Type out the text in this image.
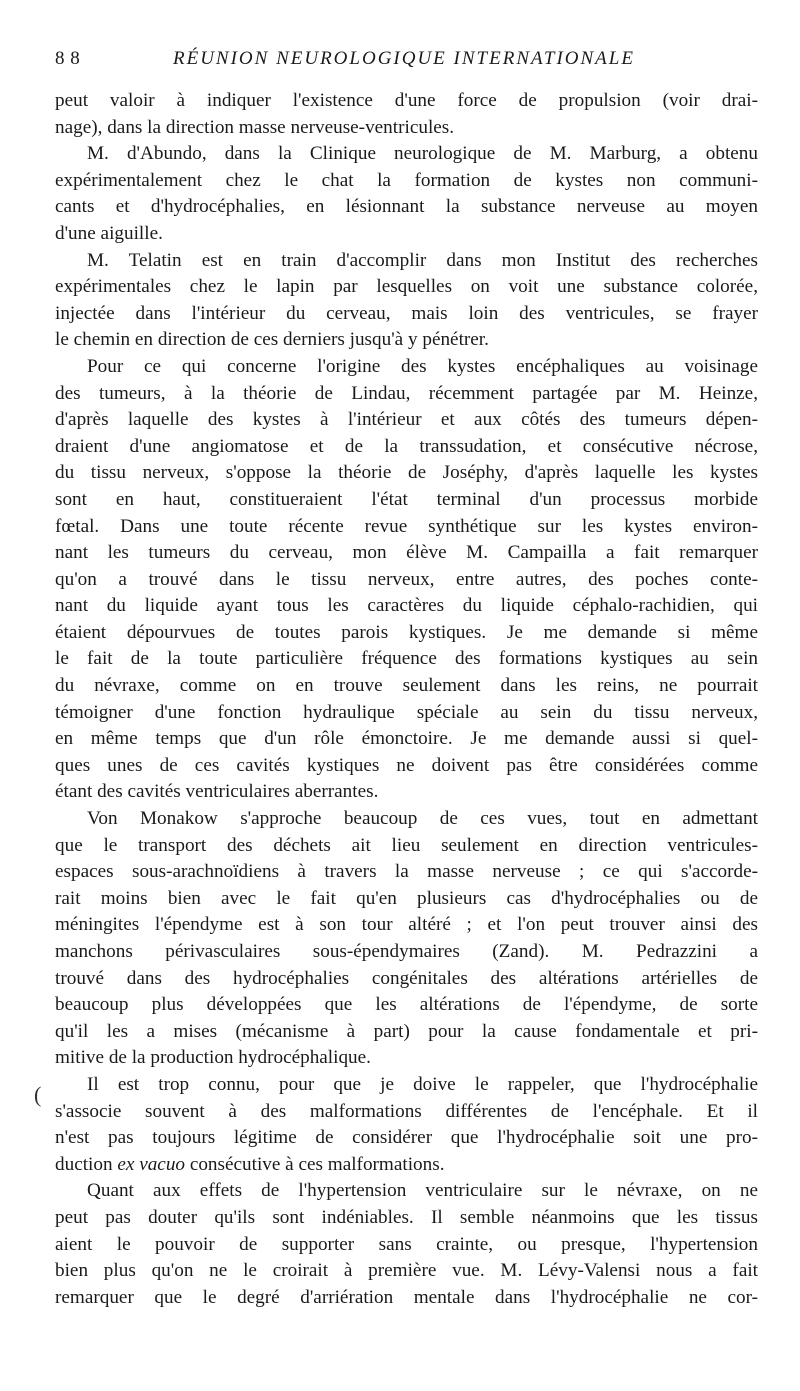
8 8	RÉUNION NEUROLOGIQUE INTERNATIONALE
(
peut valoir à indiquer l'existence d'une force de propulsion (voir drai-
nage), dans la direction masse nerveuse-ventricules.
M. d'Abundo, dans la Clinique neurologique de M. Marburg, a obtenu
expérimentalement chez le chat la formation de kystes non communi-
cants et d'hydrocéphalies, en lésionnant la substance nerveuse au moyen
d'une aiguille.
M. Telatin est en train d'accomplir dans mon Institut des recherches
expérimentales chez le lapin par lesquelles on voit une substance colorée,
injectée dans l'intérieur du cerveau, mais loin des ventricules, se frayer
le chemin en direction de ces derniers jusqu'à y pénétrer.
Pour ce qui concerne l'origine des kystes encéphaliques au voisinage
des tumeurs, à la théorie de Lindau, récemment partagée par M. Heinze,
d'après laquelle des kystes à l'intérieur et aux côtés des tumeurs dépen-
draient d'une angiomatose et de la transsudation, et consécutive nécrose,
du tissu nerveux, s'oppose la théorie de Joséphy, d'après laquelle les kystes
sont en haut, constitueraient l'état terminal d'un processus morbide
fœtal. Dans une toute récente revue synthétique sur les kystes environ-
nant les tumeurs du cerveau, mon élève M. Campailla a fait remarquer
qu'on a trouvé dans le tissu nerveux, entre autres, des poches conte-
nant du liquide ayant tous les caractères du liquide céphalo-rachidien, qui
étaient dépourvues de toutes parois kystiques. Je me demande si même
le fait de la toute particulière fréquence des formations kystiques au sein
du névraxe, comme on en trouve seulement dans les reins, ne pourrait
témoigner d'une fonction hydraulique spéciale au sein du tissu nerveux,
en même temps que d'un rôle émonctoire. Je me demande aussi si quel-
ques unes de ces cavités kystiques ne doivent pas être considérées comme
étant des cavités ventriculaires aberrantes.
Von Monakow s'approche beaucoup de ces vues, tout en admettant
que le transport des déchets ait lieu seulement en direction ventricules-
espaces sous-arachnoïdiens à travers la masse nerveuse ; ce qui s'accorde-
rait moins bien avec le fait qu'en plusieurs cas d'hydrocéphalies ou de
méningites l'épendyme est à son tour altéré ; et l'on peut trouver ainsi des
manchons périvasculaires sous-épendymaires (Zand). M. Pedrazzini a
trouvé dans des hydrocéphalies congénitales des altérations artérielles de
beaucoup plus développées que les altérations de l'épendyme, de sorte
qu'il les a mises (mécanisme à part) pour la cause fondamentale et pri-
mitive de la production hydrocéphalique.
Il est trop connu, pour que je doive le rappeler, que l'hydrocéphalie
s'associe souvent à des malformations différentes de l'encéphale. Et il
n'est pas toujours légitime de considérer que l'hydrocéphalie soit une pro-
duction ex vacuo consécutive à ces malformations.
Quant aux effets de l'hypertension ventriculaire sur le névraxe, on ne
peut pas douter qu'ils sont indéniables. Il semble néanmoins que les tissus
aient le pouvoir de supporter sans crainte, ou presque, l'hypertension
bien plus qu'on ne le croirait à première vue. M. Lévy-Valensi nous a fait
remarquer que le degré d'arriération mentale dans l'hydrocéphalie ne cor-
